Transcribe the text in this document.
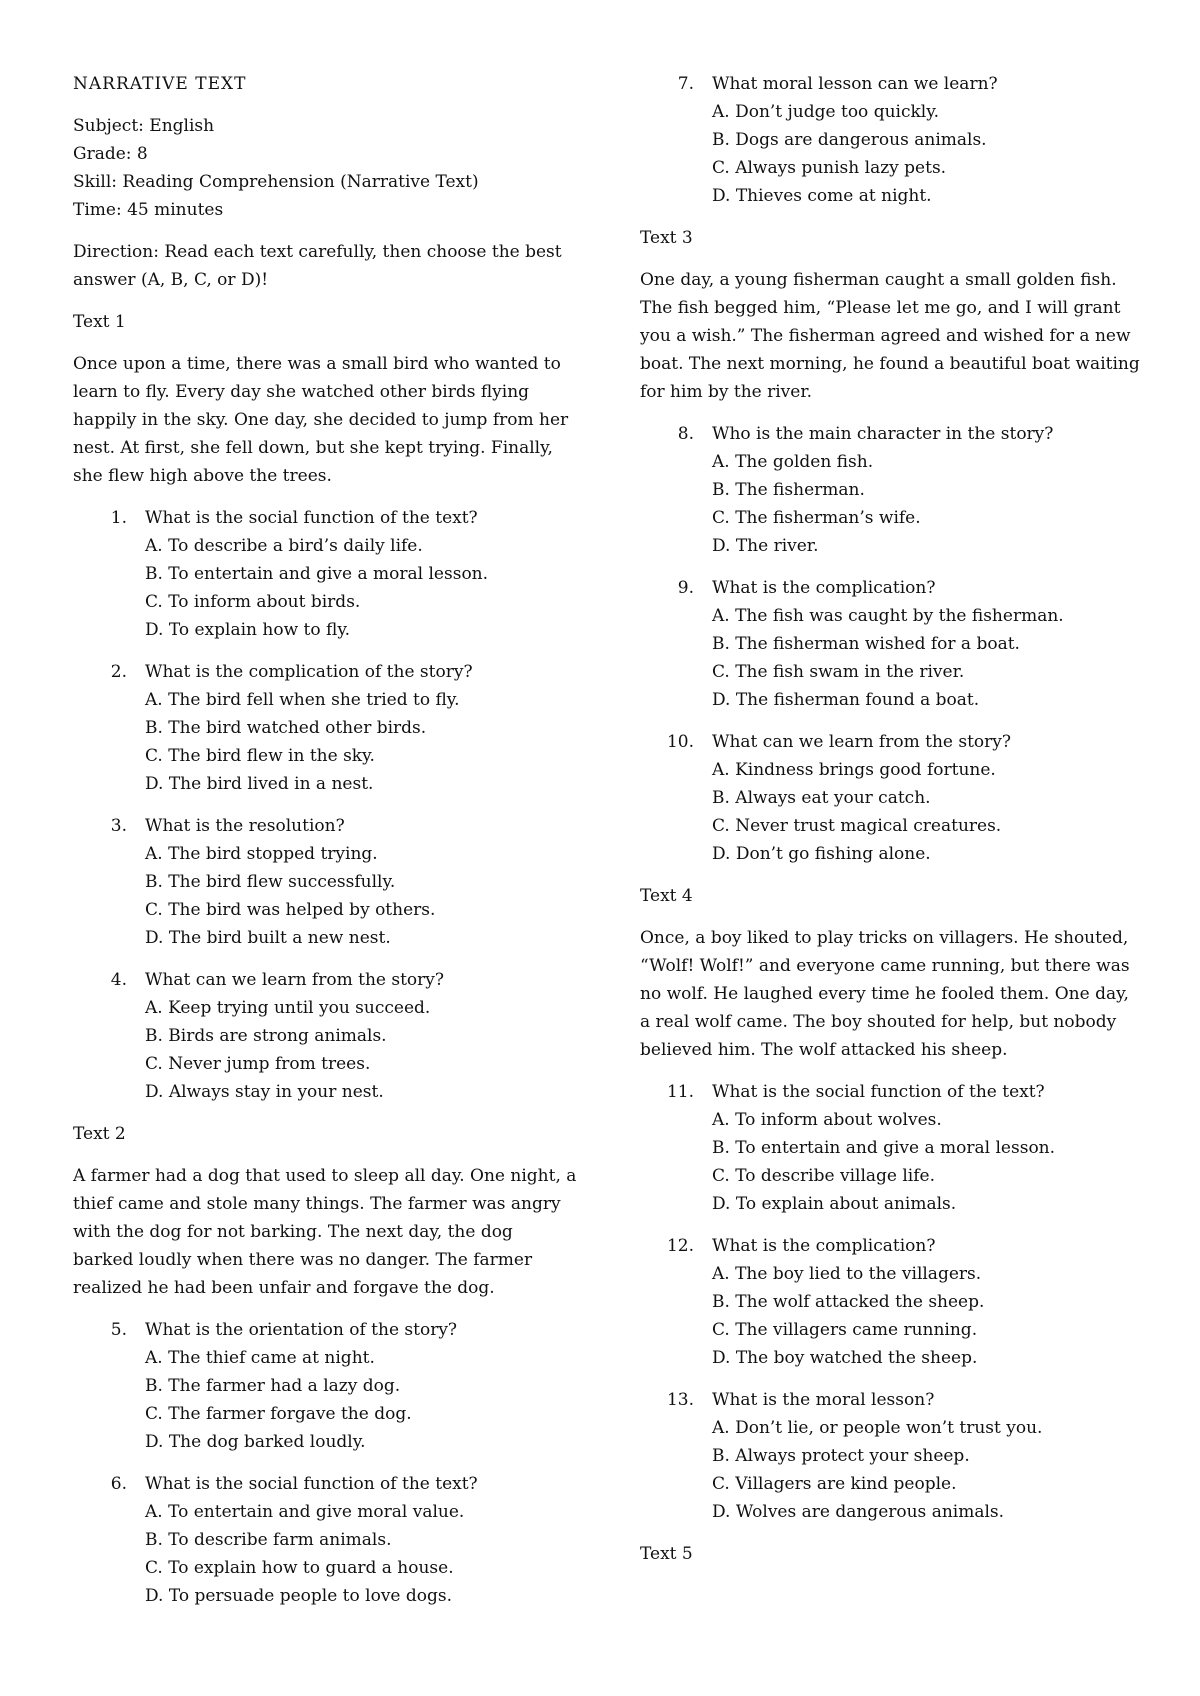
NARRATIVE TEXT

Subject: English

Grade: 8

Skill: Reading Comprehension (Narrative Text)

Time: 45 minutes

Direction: Read each text carefully, then choose the best answer (A, B, C, or D)!

Text 1

Once upon a time, there was a small bird who wanted to learn to fly. Every day she watched other birds flying happily in the sky. One day, she decided to jump from her nest. At first, she fell down, but she kept trying. Finally, she flew high above the trees.

1.	What is the social function of the text?
A. To describe a bird’s daily life.
B. To entertain and give a moral lesson.
C. To inform about birds.
D. To explain how to fly.
2.	What is the complication of the story?
A. The bird fell when she tried to fly.
B. The bird watched other birds.
C. The bird flew in the sky.
D. The bird lived in a nest.
3.	What is the resolution?
A. The bird stopped trying.
B. The bird flew successfully.
C. The bird was helped by others.
D. The bird built a new nest.
4.	What can we learn from the story?
A. Keep trying until you succeed.
B. Birds are strong animals.
C. Never jump from trees.
D. Always stay in your nest.

Text 2

A farmer had a dog that used to sleep all day. One night, a thief came and stole many things. The farmer was angry with the dog for not barking. The next day, the dog barked loudly when there was no danger. The farmer realized he had been unfair and forgave the dog.

5.	What is the orientation of the story?
A. The thief came at night.
B. The farmer had a lazy dog.
C. The farmer forgave the dog.
D. The dog barked loudly.
6.	What is the social function of the text?
A. To entertain and give moral value.
B. To describe farm animals.
C. To explain how to guard a house.
D. To persuade people to love dogs.
7.	What moral lesson can we learn?
A. Don’t judge too quickly.
B. Dogs are dangerous animals.
C. Always punish lazy pets.
D. Thieves come at night.

Text 3

One day, a young fisherman caught a small golden fish. The fish begged him, “Please let me go, and I will grant you a wish.” The fisherman agreed and wished for a new boat. The next morning, he found a beautiful boat waiting for him by the river.

8.	Who is the main character in the story?
A. The golden fish.
B. The fisherman.
C. The fisherman’s wife.
D. The river.
9.	What is the complication?
A. The fish was caught by the fisherman.
B. The fisherman wished for a boat.
C. The fish swam in the river.
D. The fisherman found a boat.
10.	What can we learn from the story?
A. Kindness brings good fortune.
B. Always eat your catch.
C. Never trust magical creatures.
D. Don’t go fishing alone.

Text 4

Once, a boy liked to play tricks on villagers. He shouted, “Wolf! Wolf!” and everyone came running, but there was no wolf. He laughed every time he fooled them. One day, a real wolf came. The boy shouted for help, but nobody believed him. The wolf attacked his sheep.

11.	What is the social function of the text?
A. To inform about wolves.
B. To entertain and give a moral lesson.
C. To describe village life.
D. To explain about animals.
12.	What is the complication?
A. The boy lied to the villagers.
B. The wolf attacked the sheep.
C. The villagers came running.
D. The boy watched the sheep.
13.	What is the moral lesson?
A. Don’t lie, or people won’t trust you.
B. Always protect your sheep.
C. Villagers are kind people.
D. Wolves are dangerous animals.

Text 5
